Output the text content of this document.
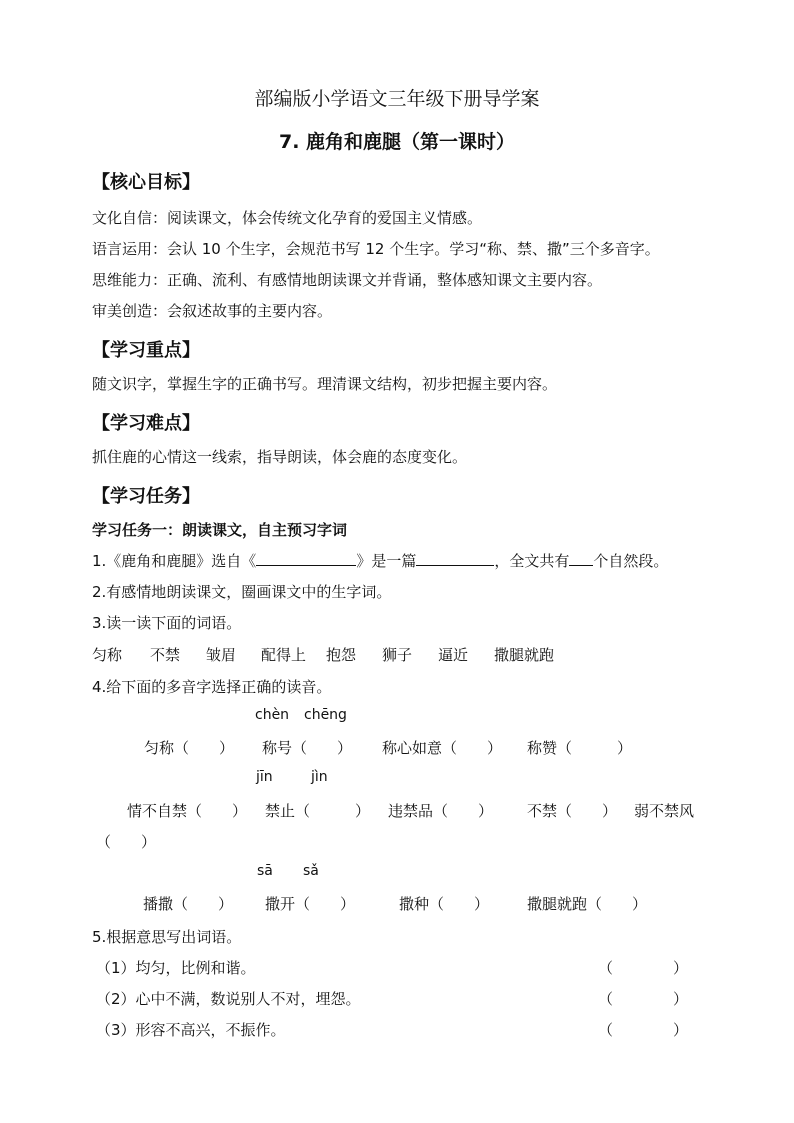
部编版小学语文三年级下册导学案
7. 鹿角和鹿腿（第一课时）
【核心目标】
文化自信：阅读课文，体会传统文化孕育的爱国主义情感。
语言运用：会认 10 个生字，会规范书写 12 个生字。学习“称、禁、撒”三个多音字。
思维能力：正确、流利、有感情地朗读课文并背诵，整体感知课文主要内容。
审美创造：会叙述故事的主要内容。
【学习重点】
随文识字，掌握生字的正确书写。理清课文结构，初步把握主要内容。
【学习难点】
抓住鹿的心情这一线索，指导朗读，体会鹿的态度变化。
【学习任务】
学习任务一：朗读课文，自主预习字词
1.《鹿角和鹿腿》选自《	》是一篇	，全文共有 个自然段。
2.有感情地朗读课文，圈画课文中的生字词。
3.读一读下面的词语。
匀称 不禁 皱眉 配得上 抱怨 狮子 逼近 撒腿就跑
4.给下面的多音字选择正确的读音。
chèn chēng
匀称（　　） 称号（　　） 称心如意（　　） 称赞（　　　）
jīn	jìn
情不自禁（　　） 禁止（　　　） 违禁品（　　） 不禁（　　） 弱不禁风
（　　）
sā sǎ
播撒（　　） 撒开（　　）	撒种（　　）	撒腿就跑（　　）
5.根据意思写出词语。
（1）均匀，比例和谐。	（　　　　）
（2）心中不满，数说别人不对，埋怨。	（　　　　）
（3）形容不高兴，不振作。	（　　　　）
